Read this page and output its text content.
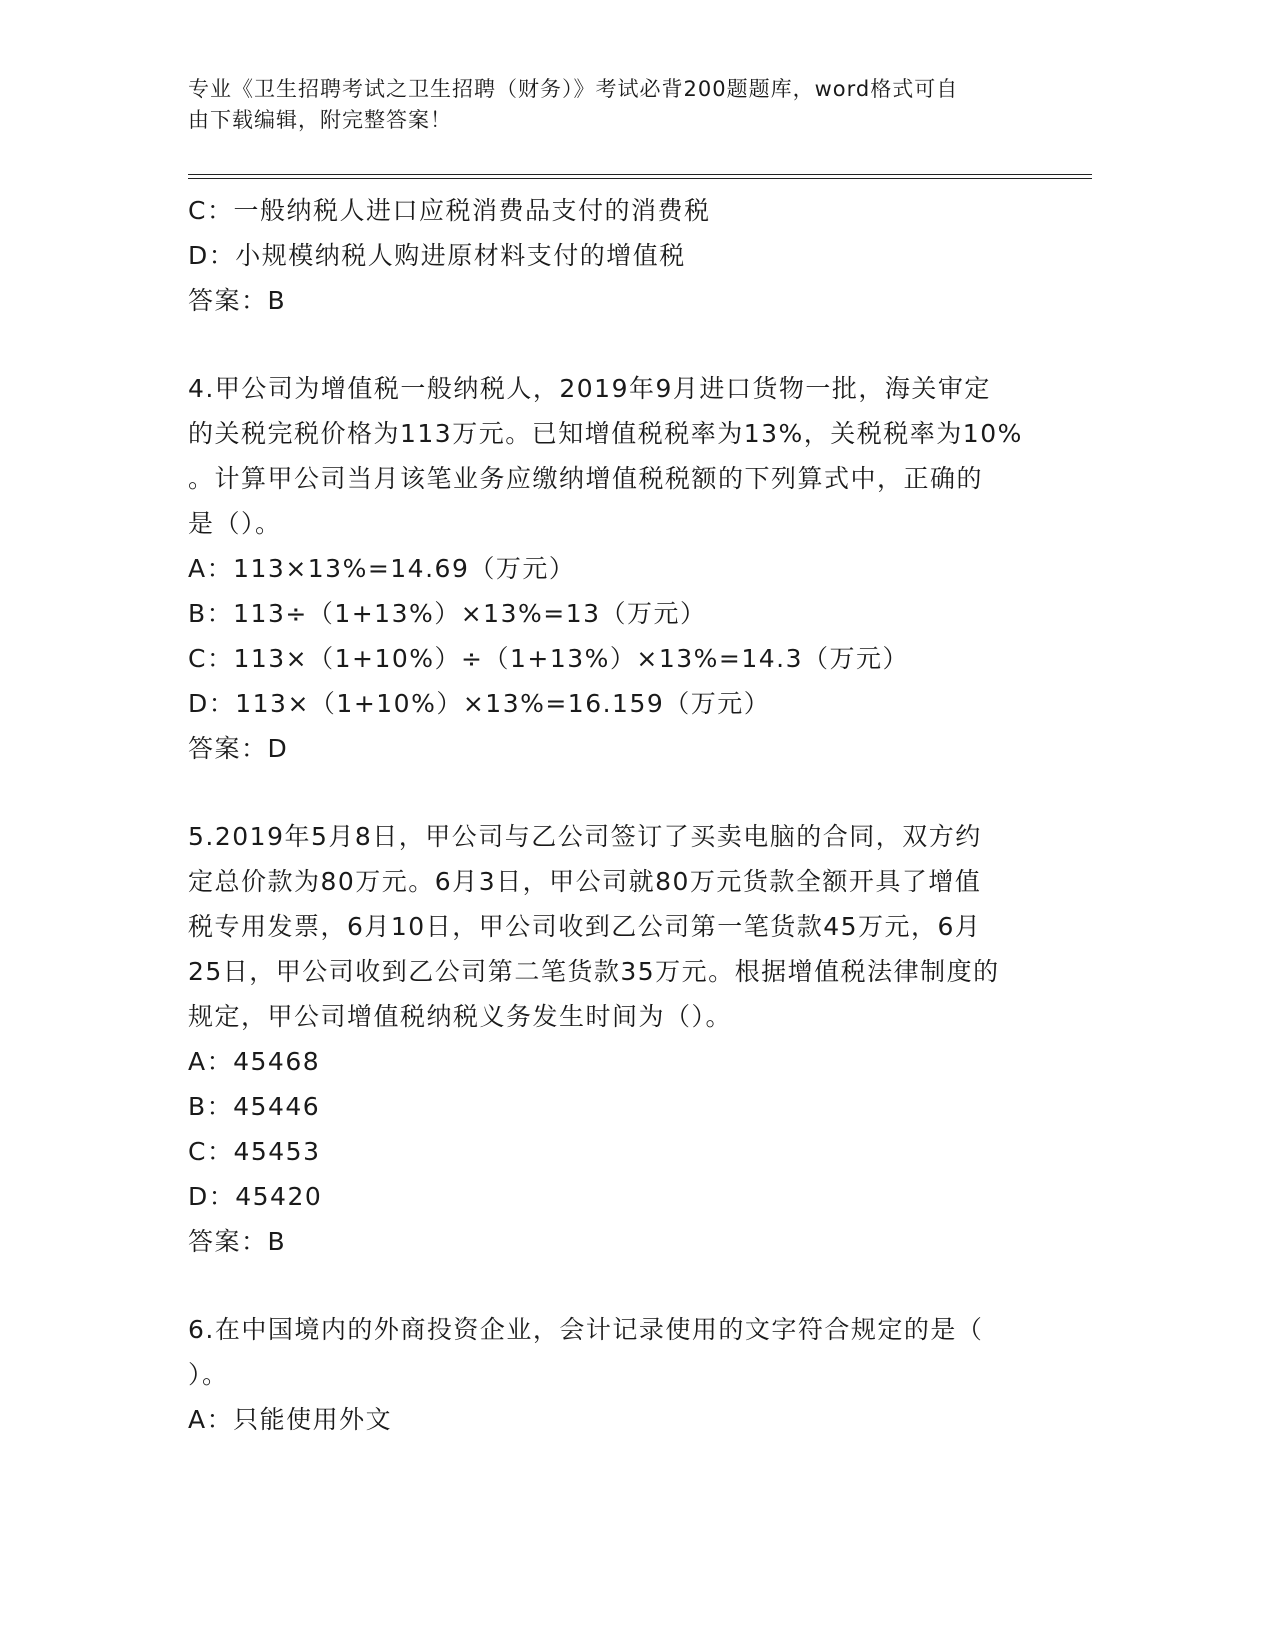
专业《卫生招聘考试之卫生招聘（财务）》考试必背200题题库，word格式可自
由下载编辑，附完整答案！
C：一般纳税人进口应税消费品支付的消费税
D：小规模纳税人购进原材料支付的增值税
答案：B
4.甲公司为增值税一般纳税人，2019年9月进口货物一批，海关审定
的关税完税价格为113万元。已知增值税税率为13%，关税税率为10%
。计算甲公司当月该笔业务应缴纳增值税税额的下列算式中，正确的
是（）。
A：113×13%=14.69（万元）
B：113÷（1+13%）×13%=13（万元）
C：113×（1+10%）÷（1+13%）×13%=14.3（万元）
D：113×（1+10%）×13%=16.159（万元）
答案：D
5.2019年5月8日，甲公司与乙公司签订了买卖电脑的合同，双方约
定总价款为80万元。6月3日，甲公司就80万元货款全额开具了增值
税专用发票，6月10日，甲公司收到乙公司第一笔货款45万元，6月
25日，甲公司收到乙公司第二笔货款35万元。根据增值税法律制度的
规定，甲公司增值税纳税义务发生时间为（）。
A：45468
B：45446
C：45453
D：45420
答案：B
6.在中国境内的外商投资企业，会计记录使用的文字符合规定的是（
）。
A：只能使用外文
